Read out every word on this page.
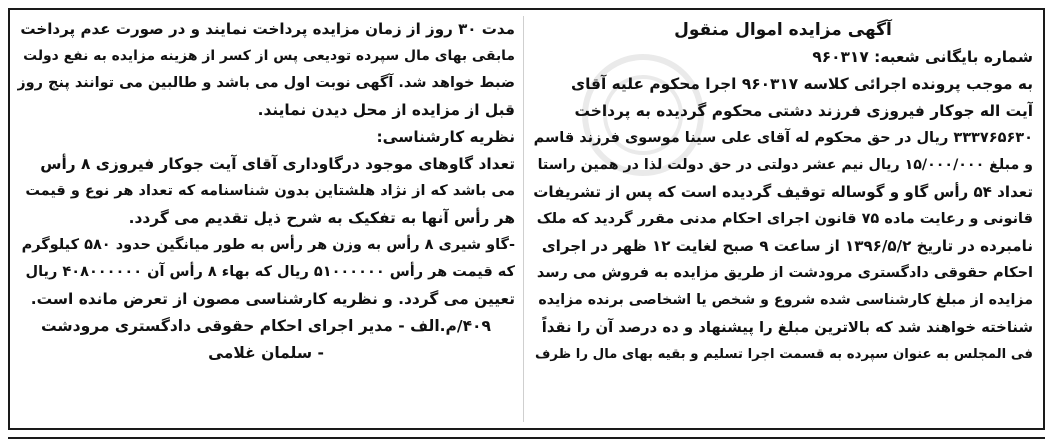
آگهی مزایده اموال منقول
شماره بایگانی شعبه: ۹۶۰۳۱۷
به موجب پرونده اجرائی کلاسه ۹۶۰۳۱۷ اجرا محکوم علیه آقای
آیت اله جوکار فیروزی فرزند دشتی محکوم گردیده به پرداخت
۳۳۳۷۶۵۶۳۰ ریال در حق محکوم له آقای علی سینا موسوی فرزند قاسم
و مبلغ ۱۵/۰۰۰/۰۰۰ ریال نیم عشر دولتی در حق دولت لذا در همین راستا
تعداد ۵۴ رأس گاو و گوساله توقیف گردیده است که پس از تشریفات
قانونی و رعایت ماده ۷۵ قانون اجرای احکام مدنی مقرر گردید که ملک
نامبرده در تاریخ ۱۳۹۶/۵/۲ از ساعت ۹ صبح لغایت ۱۲ ظهر در اجرای
احکام حقوقی دادگستری مرودشت از طریق مزایده به فروش می رسد
مزایده از مبلغ کارشناسی شده شروع و شخص یا اشخاصی برنده مزایده
شناخته خواهند شد که بالاترین مبلغ را پیشنهاد و ده درصد آن را نقداً
فی المجلس به عنوان سپرده به قسمت اجرا تسلیم و بقیه بهای مال را ظرف
مدت ۳۰ روز از زمان مزایده پرداخت نمایند و در صورت عدم پرداخت
مابقی بهای مال سپرده تودیعی پس از کسر از هزینه مزایده به نفع دولت
ضبط خواهد شد. آگهی نوبت اول می باشد و طالبین می توانند پنج روز
قبل از مزایده از محل دیدن نمایند.
نظریه کارشناسی:
تعداد گاوهای موجود درگاوداری آقای آیت جوکار فیروزی ۸ رأس
می باشد که از نژاد هلشتاین بدون شناسنامه که تعداد هر نوع و قیمت
هر رأس آنها به تفکیک به شرح ذیل تقدیم می گردد.
-گاو شیری ۸ رأس به وزن هر رأس به طور میانگین حدود ۵۸۰ کیلوگرم
که قیمت هر رأس ۵۱۰۰۰۰۰۰ ریال که بهاء ۸ رأس آن ۴۰۸۰۰۰۰۰۰ ریال
تعیین می گردد. و نظریه کارشناسی مصون از تعرض مانده است.
۴۰۹/م.الف - مدیر اجرای احکام حقوقی دادگستری مرودشت
- سلمان غلامی
